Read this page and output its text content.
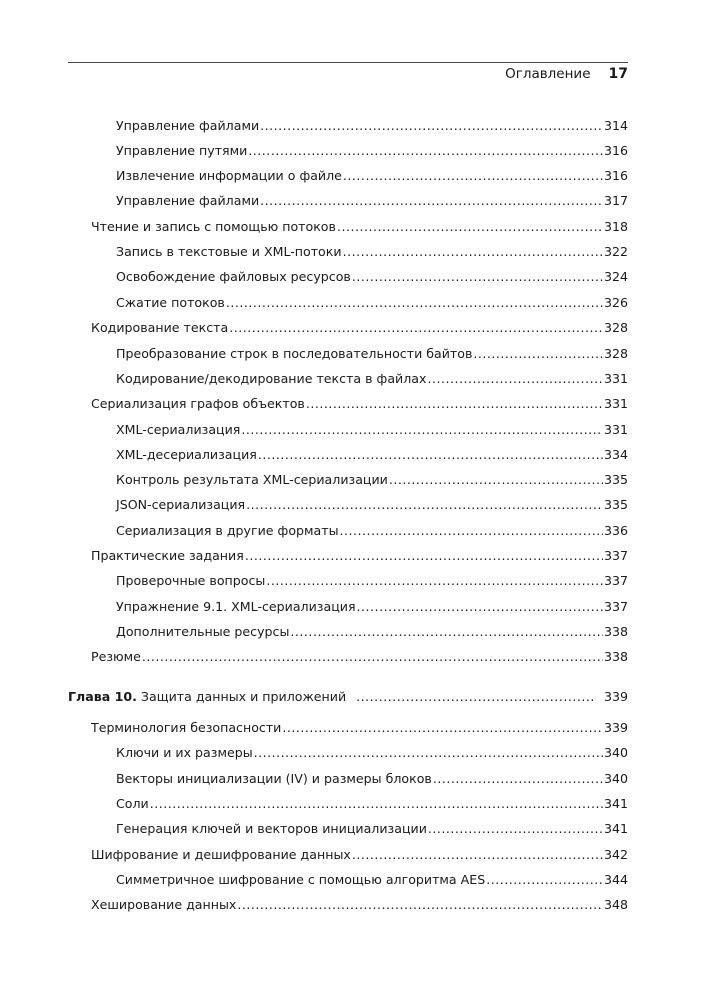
Оглавление 17
Управление файлами .....	314
Управление путями .....	316
Извлечение информации о файле .....	316
Управление файлами .....	317
Чтение и запись с помощью потоков .....	318
Запись в текстовые и XML-потоки .....	322
Освобождение файловых ресурсов .....	324
Сжатие потоков .....	326
Кодирование текста .....	328
Преобразование строк в последовательности байтов .....	328
Кодирование/декодирование текста в файлах .....	331
Сериализация графов объектов .....	331
XML-сериализация .....	331
XML-десериализация .....	334
Контроль результата XML-сериализации .....	335
JSON-сериализация .....	335
Сериализация в другие форматы .....	336
Практические задания .....	337
Проверочные вопросы .....	337
Упражнение 9.1. XML-сериализация .....	337
Дополнительные ресурсы .....	338
Резюме .....	338
Глава 10. Защита данных и приложений .....	339
Терминология безопасности .....	339
Ключи и их размеры .....	340
Векторы инициализации (IV) и размеры блоков .....	340
Соли .....	341
Генерация ключей и векторов инициализации .....	341
Шифрование и дешифрование данных .....	342
Симметричное шифрование с помощью алгоритма AES .....	344
Хеширование данных .....	348
